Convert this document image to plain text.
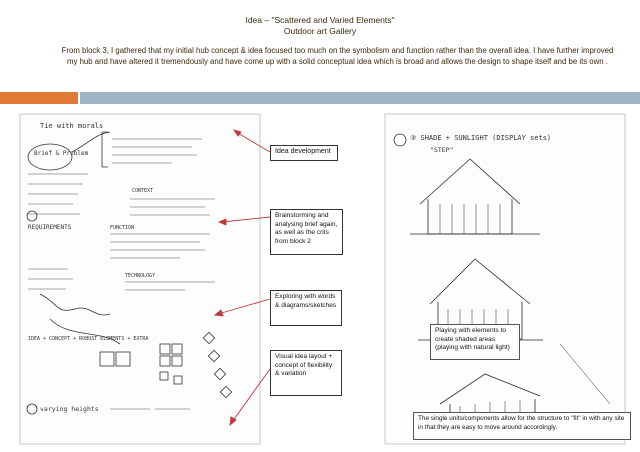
Idea – "Scattered and Varied Elements"
Outdoor art Gallery
From block 3, I gathered that my initial hub concept & idea focused too much on the symbolism and function rather than the overall idea. I have further improved my hub and have altered it tremendously and have come up with a solid conceptual idea which is broad and allows the design to shape itself and be its own .
Tie with morals
Brief & Problem
REQUIREMENTS
CONTEXT
FUNCTION
TECHNOLOGY
IDEA + CONCEPT + ROBUST ELEMENTS + EXTRA
varying heights
③ SHADE + SUNLIGHT (DISPLAY sets)
"STEP"
Idea development
Brainstorming and analysing brief again, as well as the crits from block 2
Exploring with words & diagrams/sketches
Visual idea layout + concept of flexibility & variation
Playing with elements to create shaded areas (playing with natural light)
The single units/components allow for the structure to "fit" in with any site in that they are easy to move around accordingly.
